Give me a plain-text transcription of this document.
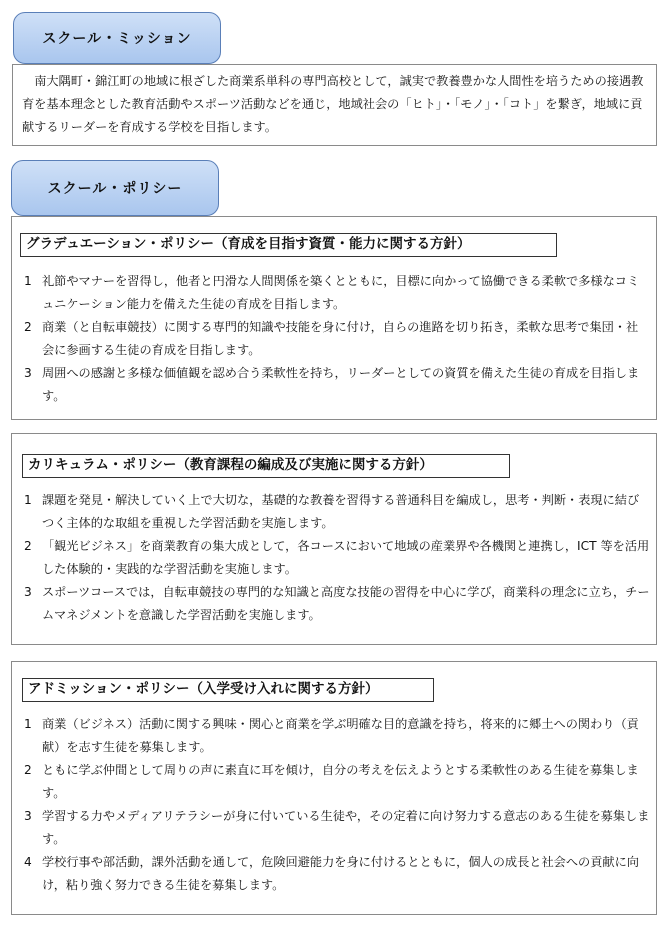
スクール・ミッション
南大隅町・錦江町の地域に根ざした商業系単科の専門高校として，誠実で教養豊かな人間性を培うための接遇教育を基本理念とした教育活動やスポーツ活動などを通じ，地域社会の「ヒト」・「モノ」・「コト」を繋ぎ，地域に貢献するリーダーを育成する学校を目指します。
スクール・ポリシー
グラデュエーション・ポリシー（育成を目指す資質・能力に関する方針）

1 礼節やマナーを習得し，他者と円滑な人間関係を築くとともに，目標に向かって協働できる柔軟で多様なコミュニケーション能力を備えた生徒の育成を目指します。

2 商業（と自転車競技）に関する専門的知識や技能を身に付け，自らの進路を切り拓き，柔軟な思考で集団・社会に参画する生徒の育成を目指します。

3 周囲への感謝と多様な価値観を認め合う柔軟性を持ち，リーダーとしての資質を備えた生徒の育成を目指します。

カリキュラム・ポリシー（教育課程の編成及び実施に関する方針）

1 課題を発見・解決していく上で大切な，基礎的な教養を習得する普通科目を編成し，思考・判断・表現に結びつく主体的な取組を重視した学習活動を実施します。

2 「観光ビジネス」を商業教育の集大成として，各コースにおいて地域の産業界や各機関と連携し，ICT 等を活用した体験的・実践的な学習活動を実施します。

3 スポーツコースでは，自転車競技の専門的な知識と高度な技能の習得を中心に学び，商業科の理念に立ち，チームマネジメントを意識した学習活動を実施します。

アドミッション・ポリシー（入学受け入れに関する方針）

1 商業（ビジネス）活動に関する興味・関心と商業を学ぶ明確な目的意識を持ち，将来的に郷土への関わり（貢献）を志す生徒を募集します。

2 ともに学ぶ仲間として周りの声に素直に耳を傾け，自分の考えを伝えようとする柔軟性のある生徒を募集します。

3 学習する力やメディアリテラシーが身に付いている生徒や，その定着に向け努力する意志のある生徒を募集します。

4 学校行事や部活動，課外活動を通して，危険回避能力を身に付けるとともに，個人の成長と社会への貢献に向け，粘り強く努力できる生徒を募集します。
